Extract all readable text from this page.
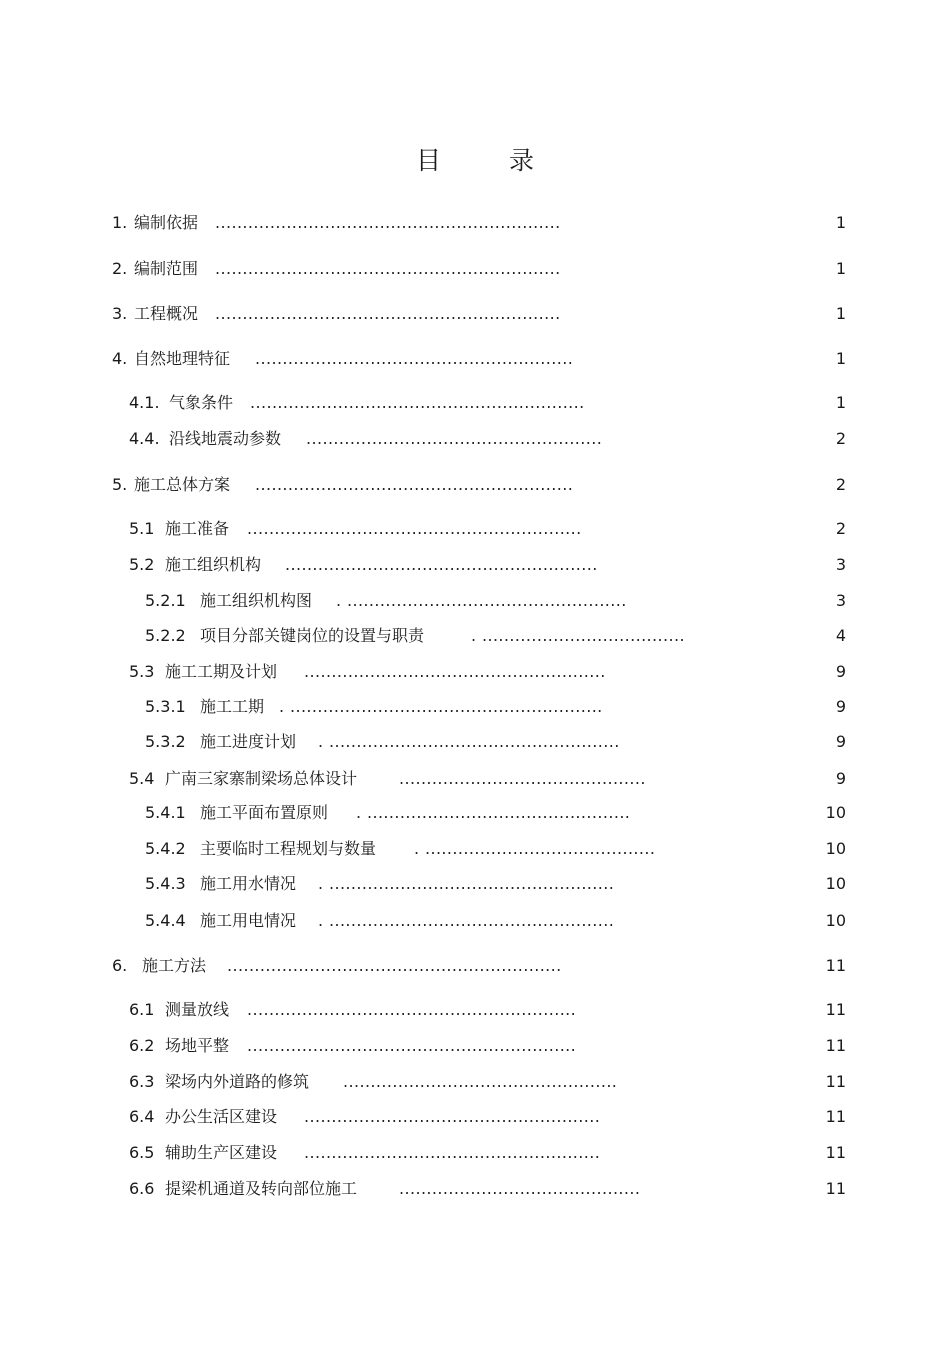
目 录
1. 编制依据 ...............................................................	1
2. 编制范围 ...............................................................	1
3. 工程概况 ...............................................................	1
4. 自然地理特征 ..........................................................	1
4.1. 气象条件 .............................................................	1
4.4. 沿线地震动参数 ......................................................	2
5. 施工总体方案 ..........................................................	2
5.1 施工准备 .............................................................	2
5.2 施工组织机构 .........................................................	3
5.2.1 施工组织机构图 . ...................................................	3
5.2.2 项目分部关键岗位的设置与职责	. .....................................	4
5.3 施工工期及计划 .......................................................	9
5.3.1 施工工期 . .........................................................	9
5.3.2 施工进度计划 . .....................................................	9
5.4 广南三家寨制梁场总体设计	.............................................	9
5.4.1 施工平面布置原则 . ................................................	10
5.4.2 主要临时工程规划与数量 . ..........................................	10
5.4.3 施工用水情况 . ....................................................	10
5.4.4 施工用电情况 . ....................................................	10
6. 施工方法 .............................................................	11
6.1 测量放线 ............................................................	11
6.2 场地平整 ............................................................	11
6.3 梁场内外道路的修筑 ..................................................	11
6.4 办公生活区建设 ......................................................	11
6.5 辅助生产区建设 ......................................................	11
6.6 提梁机通道及转向部位施工	............................................	11
